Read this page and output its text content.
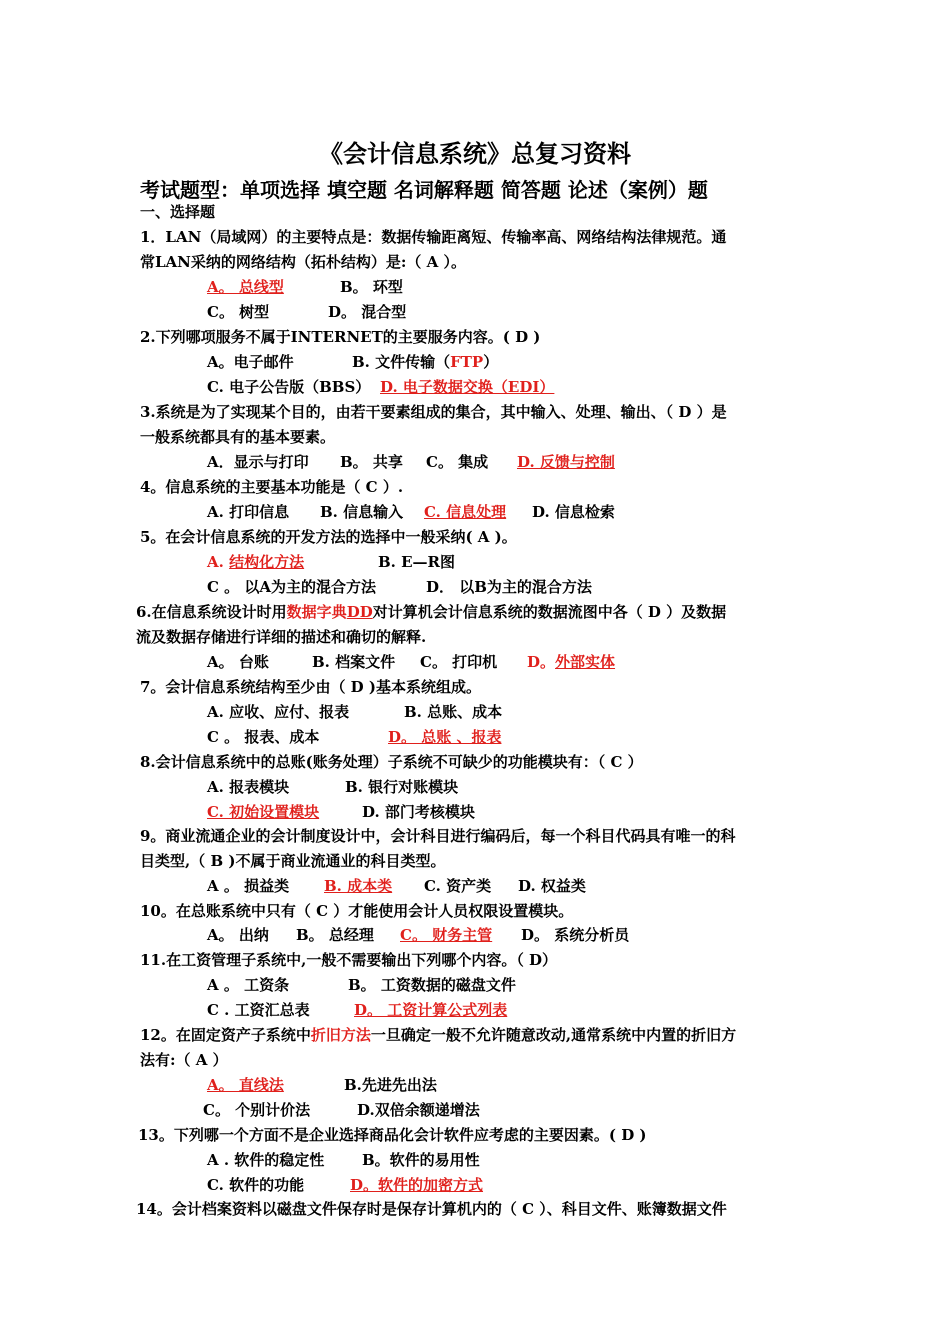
《会计信息系统》总复习资料
考试题型：单项选择 填空题 名词解释题 简答题 论述（案例）题
一、选择题
1．LAN（局域网）的主要特点是：数据传输距离短、传输率高、网络结构法律规范。通
常LAN采纳的网络结构（拓朴结构）是:（ A ）。
A。 总线型	B。 环型
C。 树型	D。 混合型
2.下列哪项服务不属于INTERNET的主要服务内容。( D )
A。电子邮件	B. 文件传输（FTP）
C. 电子公告版（BBS） D. 电子数据交换（EDI）
3.系统是为了实现某个目的，由若干要素组成的集合，其中输入、处理、输出、（ D ）是
一般系统都具有的基本要素。
A．显示与打印 B。 共享 C。 集成 D. 反馈与控制
4。信息系统的主要基本功能是（ C ）.
A. 打印信息 B. 信息输入 C. 信息处理 D. 信息检索
5。在会计信息系统的开发方法的选择中一般采纳( A )。
A. 结构化方法	B. E—R图
C 。 以A为主的混合方法	D． 以B为主的混合方法
6.在信息系统设计时用数据字典DD对计算机会计信息系统的数据流图中各（ D ）及数据
流及数据存储进行详细的描述和确切的解释.
A。 台账	B. 档案文件 C。 打印机 D。外部实体
7。会计信息系统结构至少由（ D )基本系统组成。
A. 应收、应付、报表	B. 总账、成本
C 。 报表、成本	D。 总账 、报表
8.会计信息系统中的总账(账务处理）子系统不可缺少的功能模块有：（ C ）
A. 报表模块	B. 银行对账模块
C. 初始设置模块	D. 部门考核模块
9。商业流通企业的会计制度设计中，会计科目进行编码后，每一个科目代码具有唯一的科
目类型,（ B )不属于商业流通业的科目类型。
A 。 损益类 B. 成本类 C. 资产类 D. 权益类
10。在总账系统中只有（ C ）才能使用会计人员权限设置模块。
A。 出纳 B。 总经理 C。 财务主管 D。 系统分析员
11.在工资管理子系统中,一般不需要输出下列哪个内容。（ D）
A 。 工资条	B。 工资数据的磁盘文件
C . 工资汇总表	D。 工资计算公式列表
12。在固定资产子系统中折旧方法一旦确定一般不允许随意改动,通常系统中内置的折旧方
法有:（ A ）
A。 直线法	B.先进先出法
C。 个别计价法	D.双倍余额递增法
13。下列哪一个方面不是企业选择商品化会计软件应考虑的主要因素。( D )
A . 软件的稳定性	B。软件的易用性
C. 软件的功能	D。软件的加密方式
14。会计档案资料以磁盘文件保存时是保存计算机内的（ C ）、科目文件、账簿数据文件
